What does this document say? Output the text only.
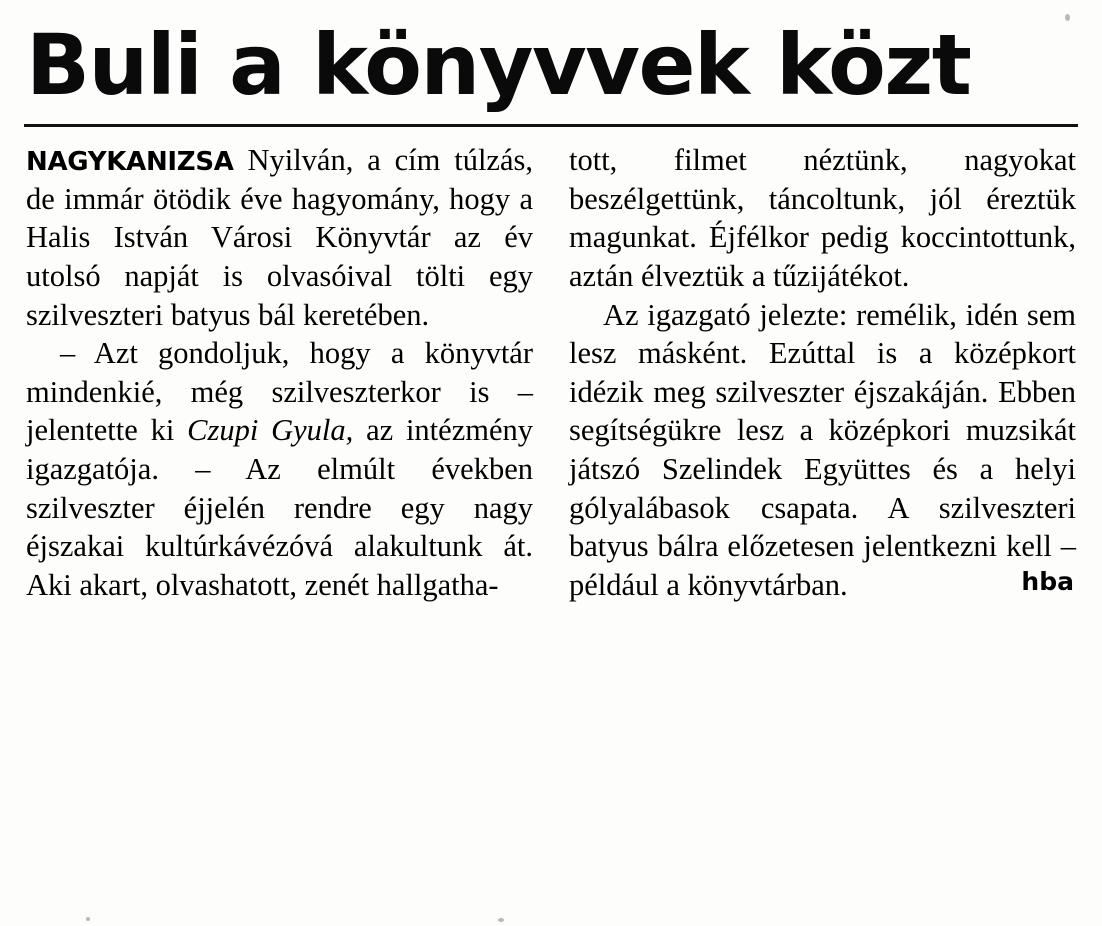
Buli a könyvvek közt

NAGYKANIZSA Nyilván, a cím túlzás, de immár ötödik éve hagyomány, hogy a Halis István Városi Könyvtár az év utolsó napját is olvasóival tölti egy szilveszteri batyus bál keretében.

– Azt gondoljuk, hogy a könyvtár mindenkié, még szilveszterkor is – jelentette ki Czupi Gyula, az intézmény igazgatója. – Az elmúlt években szilveszter éjjelén rendre egy nagy éjszakai kultúrkávézóvá alakultunk át. Aki akart, olvashatott, zenét hallgatha-

tott, filmet néztünk, nagyokat beszélgettünk, táncoltunk, jól éreztük magunkat. Éjfélkor pedig koccintottunk, aztán élveztük a tűzijátékot.

Az igazgató jelezte: remélik, idén sem lesz másként. Ezúttal is a középkort idézik meg szilveszter éjszakáján. Ebben segítségükre lesz a középkori muzsikát játszó Szelindek Együttes és a helyi gólyalábasok csapata. A szilveszteri batyus bálra előzetesen jelentkezni kell – például a könyvtárban.	hba
